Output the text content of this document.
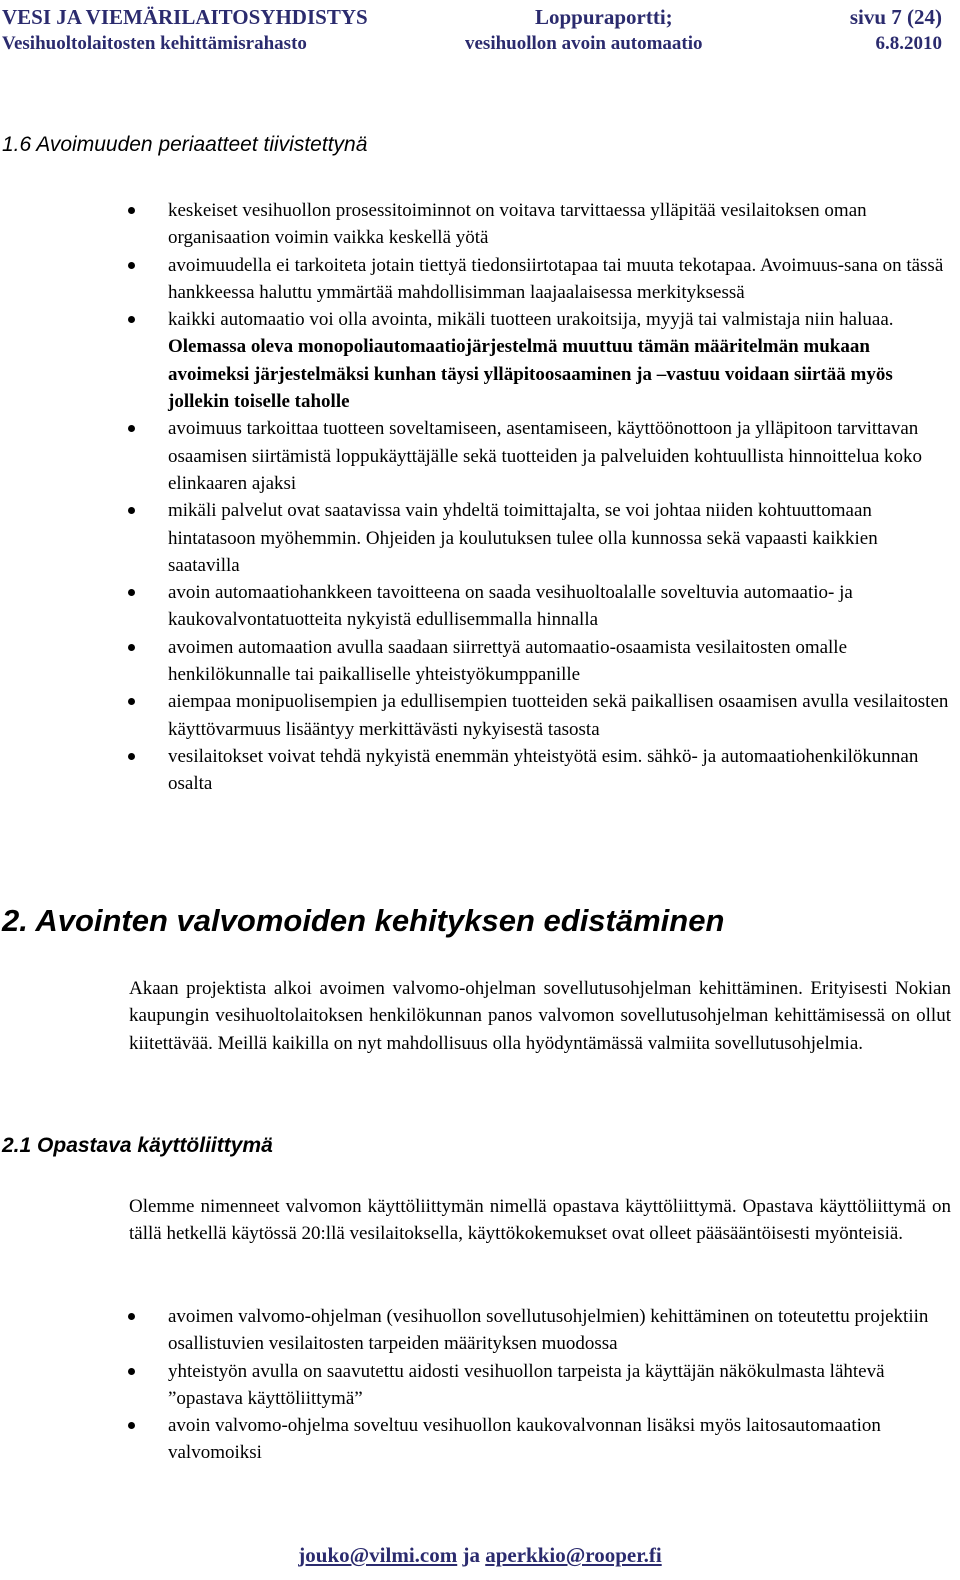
VESI JA VIEMÄRILAITOSYHDISTYS	Loppuraportti;	sivu 7 (24)
Vesihuoltolaitosten kehittämisrahasto	vesihuollon avoin automaatio	6.8.2010
1.6 Avoimuuden periaatteet tiivistettynä
keskeiset vesihuollon prosessitoiminnot on voitava tarvittaessa ylläpitää vesilaitoksen oman organisaation voimin vaikka keskellä yötä
avoimuudella ei tarkoiteta jotain tiettyä tiedonsiirtotapaa tai muuta tekotapaa. Avoimuus-sana on tässä hankkeessa haluttu ymmärtää mahdollisimman laajaalaisessa merkityksessä
kaikki automaatio voi olla avointa, mikäli tuotteen urakoitsija, myyjä tai valmistaja niin haluaa. Olemassa oleva monopoliautomaatiojärjestelmä muuttuu tämän määritelmän mukaan avoimeksi järjestelmäksi kunhan täysi ylläpitoosaaminen ja –vastuu voidaan siirtää myös jollekin toiselle taholle
avoimuus tarkoittaa tuotteen soveltamiseen, asentamiseen, käyttöönottoon ja ylläpitoon tarvittavan osaamisen siirtämistä loppukäyttäjälle sekä tuotteiden ja palveluiden kohtuullista hinnoittelua koko elinkaaren ajaksi
mikäli palvelut ovat saatavissa vain yhdeltä toimittajalta, se voi johtaa niiden kohtuuttomaan hintatasoon myöhemmin. Ohjeiden ja koulutuksen tulee olla kunnossa sekä vapaasti kaikkien saatavilla
avoin automaatiohankkeen tavoitteena on saada vesihuoltoalalle soveltuvia automaatio- ja kaukovalvontatuotteita nykyistä edullisemmalla hinnalla
avoimen automaation avulla saadaan siirrettyä automaatio-osaamista vesilaitosten omalle henkilökunnalle tai paikalliselle yhteistyökumppanille
aiempaa monipuolisempien ja edullisempien tuotteiden sekä paikallisen osaamisen avulla vesilaitosten käyttövarmuus lisääntyy merkittävästi nykyisestä tasosta
vesilaitokset voivat tehdä nykyistä enemmän yhteistyötä esim. sähkö- ja automaatiohenkilökunnan osalta
2. Avointen valvomoiden kehityksen edistäminen

Akaan projektista alkoi avoimen valvomo-ohjelman sovellutusohjelman kehittäminen. Erityisesti Nokian kaupungin vesihuoltolaitoksen henkilökunnan panos valvomon sovellutusohjelman kehittämisessä on ollut kiitettävää. Meillä kaikilla on nyt mahdollisuus olla hyödyntämässä valmiita sovellutusohjelmia.

2.1 Opastava käyttöliittymä

Olemme nimenneet valvomon käyttöliittymän nimellä opastava käyttöliittymä. Opastava käyttöliittymä on tällä hetkellä käytössä 20:llä vesilaitoksella, käyttökokemukset ovat olleet pääsääntöisesti myönteisiä.

avoimen valvomo-ohjelman (vesihuollon sovellutusohjelmien) kehittäminen on toteutettu projektiin osallistuvien vesilaitosten tarpeiden määrityksen muodossa
yhteistyön avulla on saavutettu aidosti vesihuollon tarpeista ja käyttäjän näkökulmasta lähtevä ”opastava käyttöliittymä”
avoin valvomo-ohjelma soveltuu vesihuollon kaukovalvonnan lisäksi myös laitosautomaation valvomoiksi
jouko@vilmi.com ja aperkkio@rooper.fi
